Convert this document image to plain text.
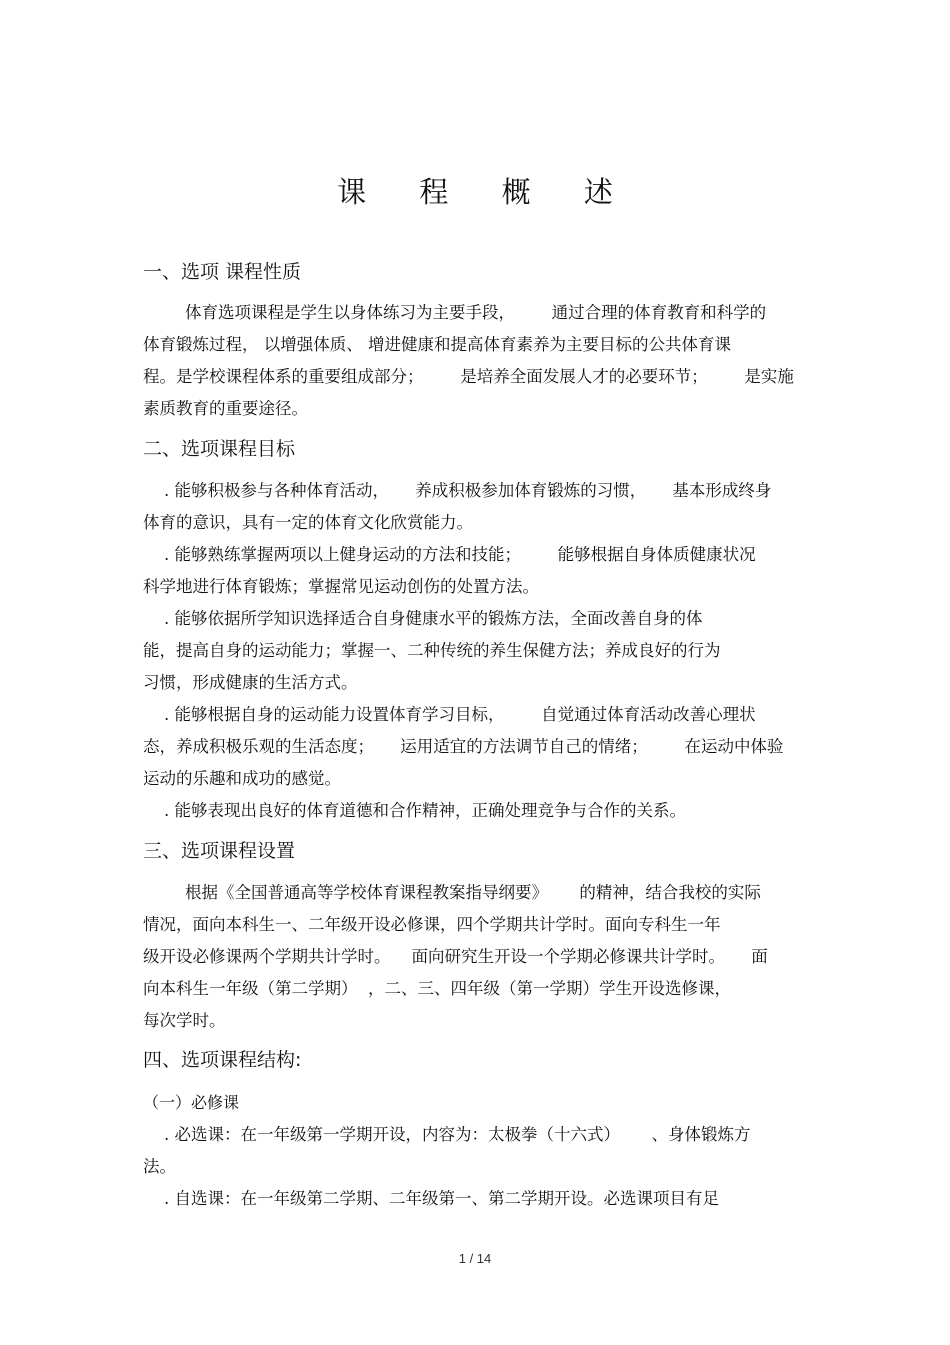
课 程 概 述
一、选项 课程性质
体育选项课程是学生以身体练习为主要手段，       通过合理的体育教育和科学的
体育锻炼过程， 以增强体质、 增进健康和提高体育素养为主要目标的公共体育课
程。是学校课程体系的重要组成部分；       是培养全面发展人才的必要环节；       是实施
素质教育的重要途径。
二、选项课程目标
. 能够积极参与各种体育活动，     养成积极参加体育锻炼的习惯，     基本形成终身
体育的意识，具有一定的体育文化欣赏能力。
. 能够熟练掌握两项以上健身运动的方法和技能；       能够根据自身体质健康状况
科学地进行体育锻炼；掌握常见运动创伤的处置方法。
. 能够依据所学知识选择适合自身健康水平的锻炼方法，全面改善自身的体
能，提高自身的运动能力；掌握一、二种传统的养生保健方法；养成良好的行为
习惯，形成健康的生活方式。
. 能够根据自身的运动能力设置体育学习目标，       自觉通过体育活动改善心理状
态，养成积极乐观的生活态度；     运用适宜的方法调节自己的情绪；       在运动中体验
运动的乐趣和成功的感觉。
. 能够表现出良好的体育道德和合作精神，正确处理竞争与合作的关系。
三、选项课程设置
根据《全国普通高等学校体育课程教案指导纲要》      的精神，结合我校的实际
情况，面向本科生一、二年级开设必修课，四个学期共计学时。面向专科生一年
级开设必修课两个学期共计学时。    面向研究生开设一个学期必修课共计学时。     面
向本科生一年级（第二学期）  ，二、三、四年级（第一学期）学生开设选修课，
每次学时。
四、选项课程结构:
（一）必修课
. 必选课：在一年级第一学期开设，内容为：太极拳（十六式）      、身体锻炼方
法。
. 自选课：在一年级第二学期、二年级第一、第二学期开设。必选课项目有足
1 / 14
